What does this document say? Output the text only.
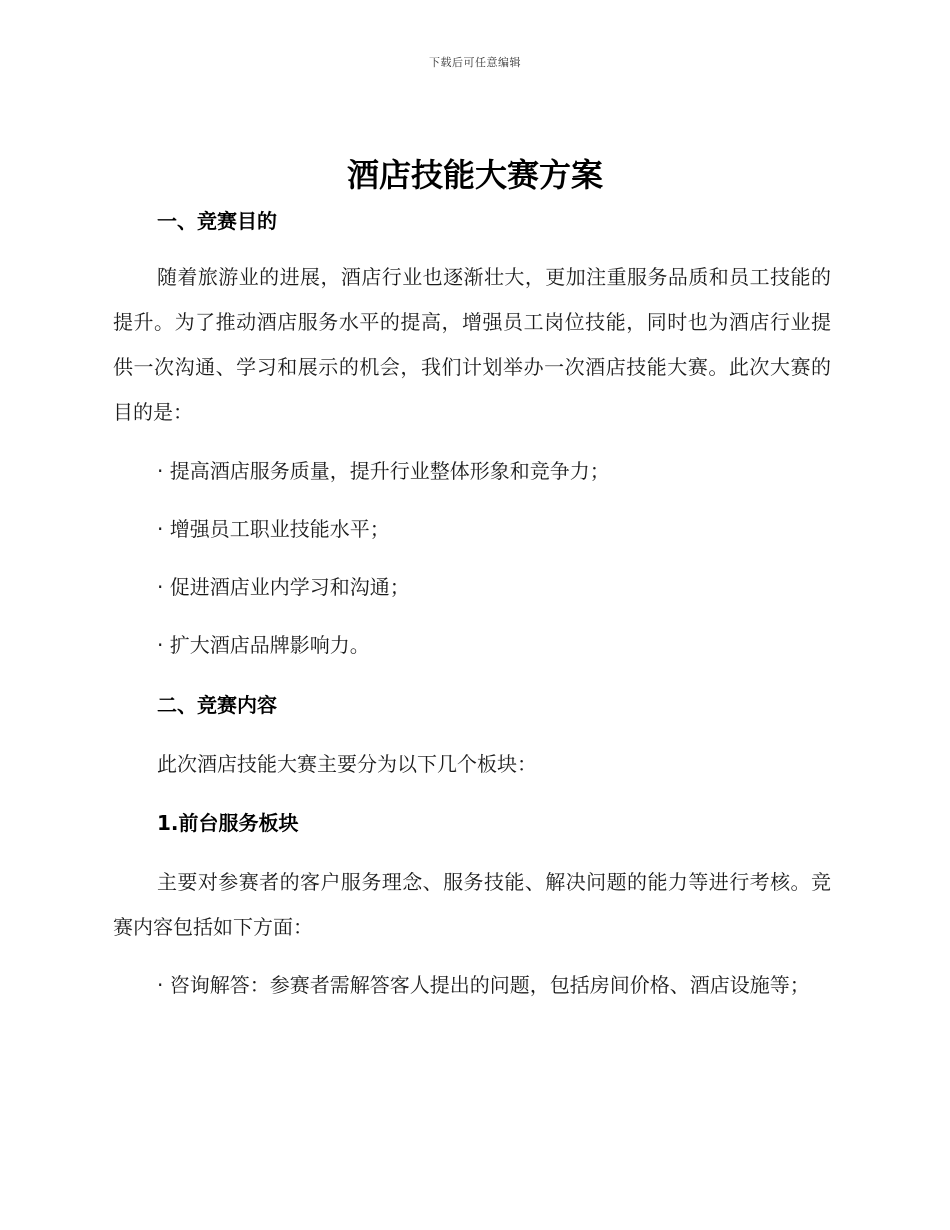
下载后可任意编辑
酒店技能大赛方案

一、竞赛目的

随着旅游业的进展，酒店行业也逐渐壮大，更加注重服务品质和员工技能的提升。为了推动酒店服务水平的提高，增强员工岗位技能，同时也为酒店行业提供一次沟通、学习和展示的机会，我们计划举办一次酒店技能大赛。此次大赛的目的是：

· 提高酒店服务质量，提升行业整体形象和竞争力；

· 增强员工职业技能水平；

· 促进酒店业内学习和沟通；

· 扩大酒店品牌影响力。

二、竞赛内容

此次酒店技能大赛主要分为以下几个板块：

1.前台服务板块

主要对参赛者的客户服务理念、服务技能、解决问题的能力等进行考核。竞赛内容包括如下方面：

· 咨询解答：参赛者需解答客人提出的问题，包括房间价格、酒店设施等；
